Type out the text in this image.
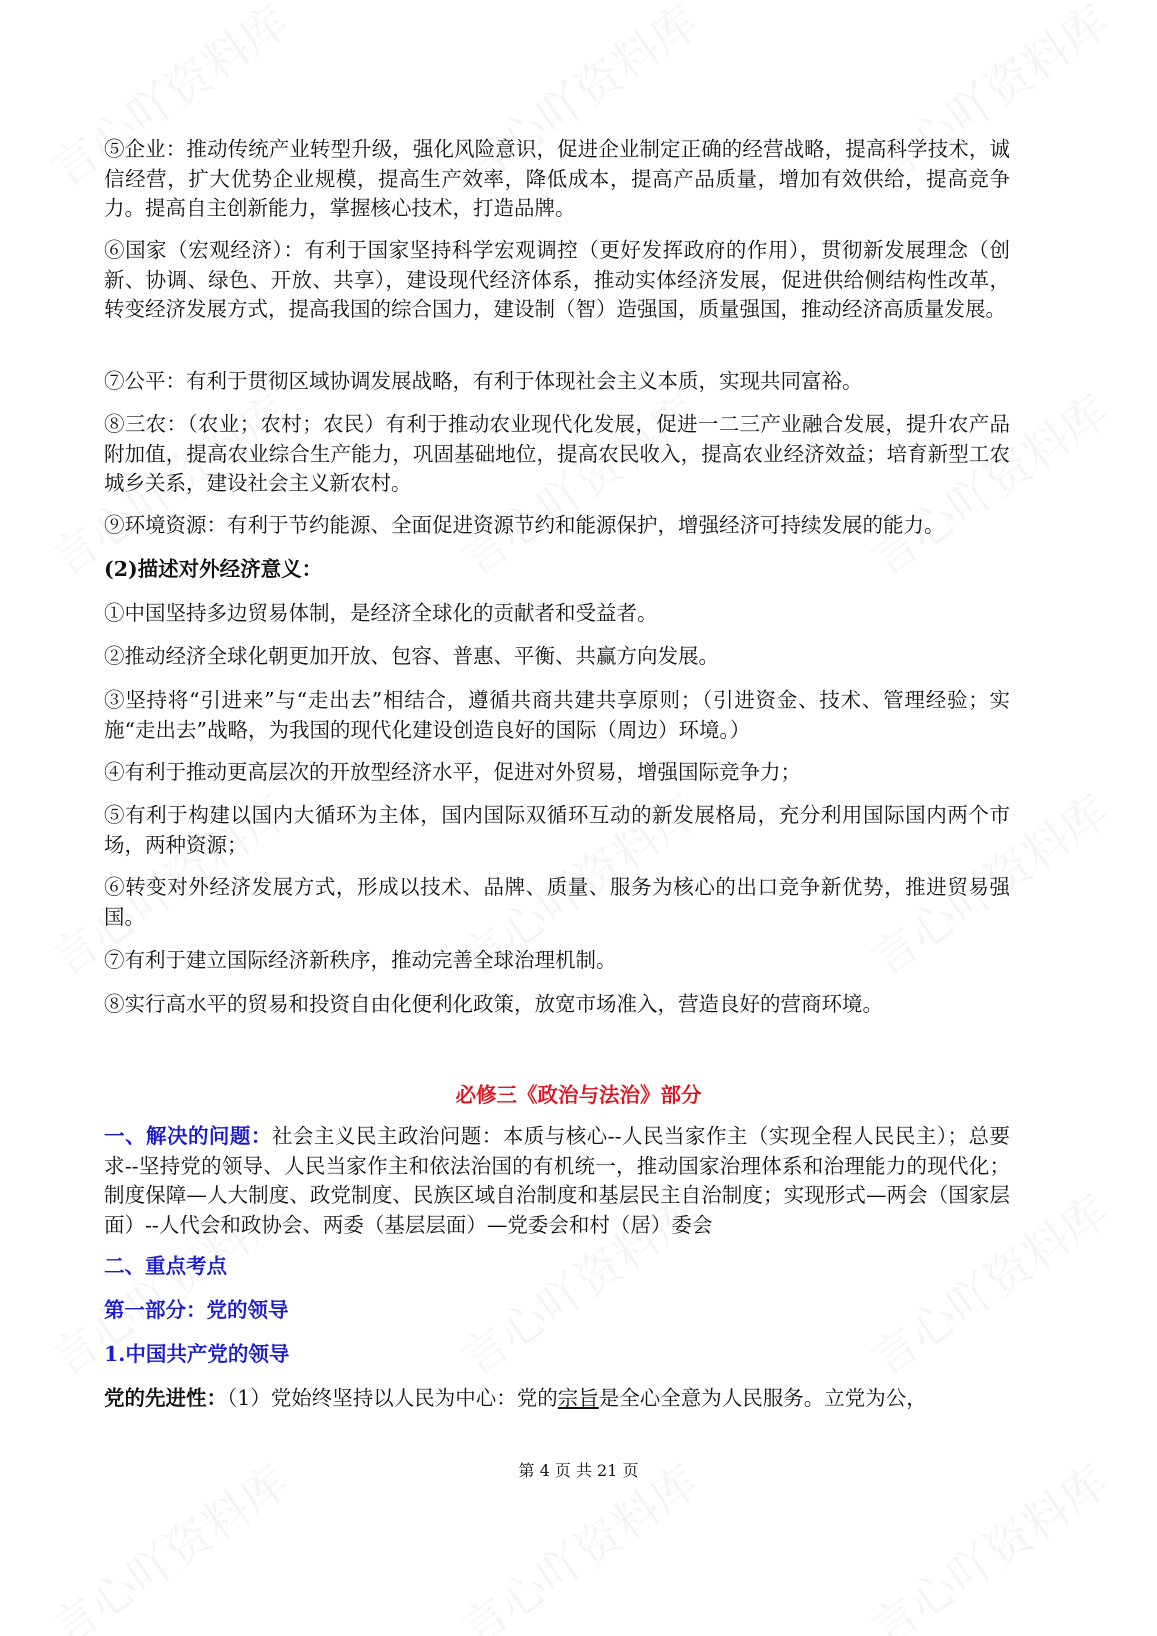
⑤企业：推动传统产业转型升级，强化风险意识，促进企业制定正确的经营战略，提高科学技术，诚信经营，扩大优势企业规模，提高生产效率，降低成本，提高产品质量，增加有效供给，提高竞争力。提高自主创新能力，掌握核心技术，打造品牌。
⑥国家（宏观经济）：有利于国家坚持科学宏观调控（更好发挥政府的作用），贯彻新发展理念（创新、协调、绿色、开放、共享），建设现代经济体系，推动实体经济发展，促进供给侧结构性改革，转变经济发展方式，提高我国的综合国力，建设制（智）造强国，质量强国，推动经济高质量发展。
⑦公平：有利于贯彻区域协调发展战略，有利于体现社会主义本质，实现共同富裕。
⑧三农：（农业；农村；农民）有利于推动农业现代化发展，促进一二三产业融合发展，提升农产品附加值，提高农业综合生产能力，巩固基础地位，提高农民收入，提高农业经济效益；培育新型工农城乡关系，建设社会主义新农村。
⑨环境资源：有利于节约能源、全面促进资源节约和能源保护，增强经济可持续发展的能力。
(2)描述对外经济意义：
①中国坚持多边贸易体制，是经济全球化的贡献者和受益者。
②推动经济全球化朝更加开放、包容、普惠、平衡、共赢方向发展。
③坚持将“引进来”与“走出去”相结合，遵循共商共建共享原则；（引进资金、技术、管理经验；实施“走出去”战略，为我国的现代化建设创造良好的国际（周边）环境。）
④有利于推动更高层次的开放型经济水平，促进对外贸易，增强国际竞争力；
⑤有利于构建以国内大循环为主体，国内国际双循环互动的新发展格局，充分利用国际国内两个市场，两种资源；
⑥转变对外经济发展方式，形成以技术、品牌、质量、服务为核心的出口竞争新优势，推进贸易强国。
⑦有利于建立国际经济新秩序，推动完善全球治理机制。
⑧实行高水平的贸易和投资自由化便利化政策，放宽市场准入，营造良好的营商环境。
必修三《政治与法治》部分
一、解决的问题：社会主义民主政治问题：本质与核心--人民当家作主（实现全程人民民主）；总要求--坚持党的领导、人民当家作主和依法治国的有机统一，推动国家治理体系和治理能力的现代化；制度保障—人大制度、政党制度、民族区域自治制度和基层民主自治制度；实现形式—两会（国家层面）--人代会和政协会、两委（基层层面）—党委会和村（居）委会
二、重点考点
第一部分：党的领导
1.中国共产党的领导
党的先进性：（1）党始终坚持以人民为中心：党的宗旨是全心全意为人民服务。立党为公，
第 4 页 共 21 页
